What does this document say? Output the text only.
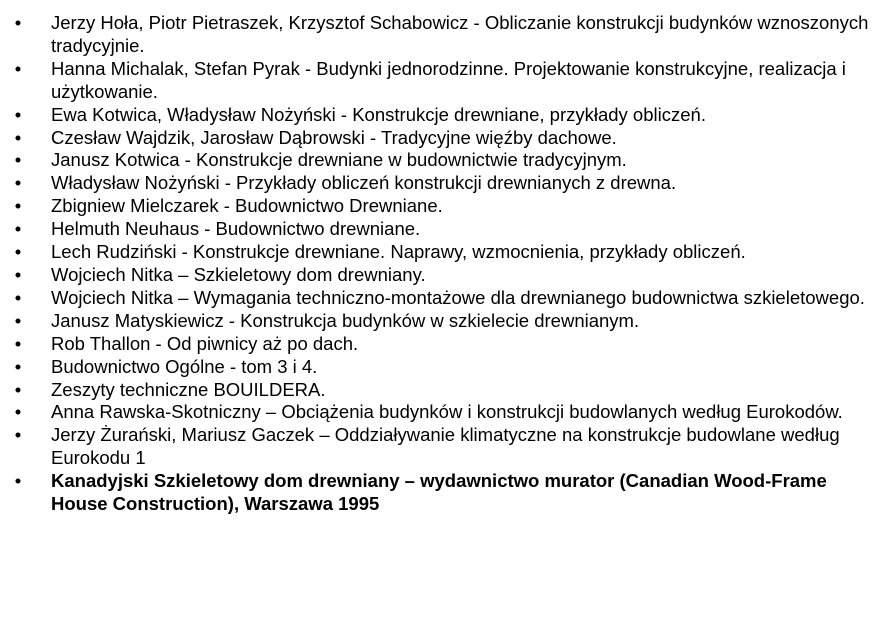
• Jerzy Hoła, Piotr Pietraszek, Krzysztof Schabowicz - Obliczanie konstrukcji budynków wznoszonych tradycyjnie.
• Hanna Michalak, Stefan Pyrak - Budynki jednorodzinne. Projektowanie konstrukcyjne, realizacja i użytkowanie.
• Ewa Kotwica, Władysław Nożyński - Konstrukcje drewniane, przykłady obliczeń.
• Czesław Wajdzik, Jarosław Dąbrowski - Tradycyjne więźby dachowe.
• Janusz Kotwica - Konstrukcje drewniane w budownictwie tradycyjnym.
• Władysław Nożyński - Przykłady obliczeń konstrukcji drewnianych z drewna.
• Zbigniew Mielczarek - Budownictwo Drewniane.
• Helmuth Neuhaus - Budownictwo drewniane.
• Lech Rudziński - Konstrukcje drewniane. Naprawy, wzmocnienia, przykłady obliczeń.
• Wojciech Nitka – Szkieletowy dom drewniany.
• Wojciech Nitka – Wymagania techniczno-montażowe dla drewnianego budownictwa szkieletowego.
• Janusz Matyskiewicz - Konstrukcja budynków w szkielecie drewnianym.
• Rob Thallon - Od piwnicy aż po dach.
• Budownictwo Ogólne - tom 3 i 4.
• Zeszyty techniczne BOUILDERA.
• Anna Rawska-Skotniczny – Obciążenia budynków i konstrukcji budowlanych według Eurokodów.
• Jerzy Żurański, Mariusz Gaczek – Oddziaływanie klimatyczne na konstrukcje budowlane według Eurokodu 1
• Kanadyjski Szkieletowy dom drewniany – wydawnictwo murator (Canadian Wood-Frame House Construction), Warszawa 1995
